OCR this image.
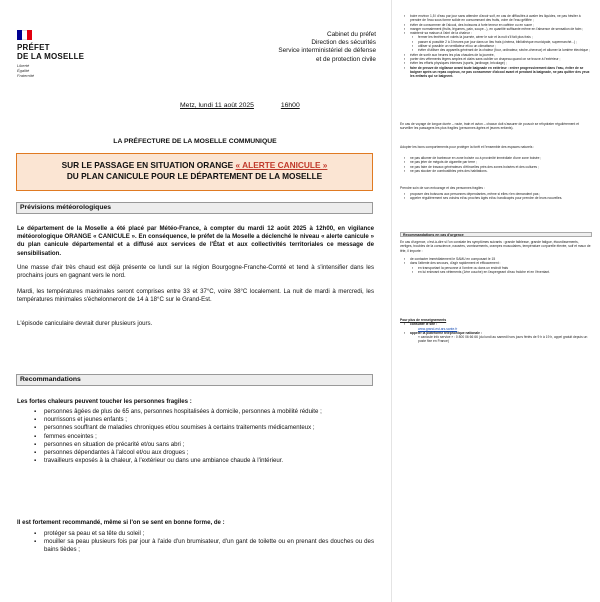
PRÉFET
DE LA MOSELLE
Liberté
Égalité
Fraternité
Cabinet du préfet
Direction des sécurités
Service interministériel de défense
et de protection civile
Metz, lundi 11 août 2025	16h00
LA PRÉFECTURE DE LA MOSELLE COMMUNIQUE
SUR LE PASSAGE EN SITUATION ORANGE « ALERTE CANICULE »
DU PLAN CANICULE POUR LE DÉPARTEMENT DE LA MOSELLE
Prévisions météorologiques
Le département de la Moselle a été placé par Météo-France, à compter du mardi 12 août 2025 à 12h00, en vigilance météorologique ORANGE « CANICULE ». En conséquence, le préfet de la Moselle a déclenché le niveau « alerte canicule » du plan canicule départemental et a diffusé aux services de l'État et aux collectivités territoriales ce message de sensibilisation.
Une masse d'air très chaud est déjà présente ce lundi sur la région Bourgogne-Franche-Comté et tend à s'intensifier dans les prochains jours en gagnant vers le nord.
Mardi, les températures maximales seront comprises entre 33 et 37°C, voire 38°C localement. La nuit de mardi à mercredi, les températures minimales s'échelonneront de 14 à 18°C sur le Grand-Est.
L'épisode caniculaire devrait durer plusieurs jours.
Recommandations
Les fortes chaleurs peuvent toucher les personnes fragiles :
▪ personnes âgées de plus de 65 ans, personnes hospitalisées à domicile, personnes à mobilité réduite ;
▪ nourrissons et jeunes enfants ;
▪ personnes souffrant de maladies chroniques et/ou soumises à certains traitements médicamenteux ;
▪ femmes enceintes ;
▪ personnes en situation de précarité et/ou sans abri ;
▪ personnes dépendantes à l'alcool et/ou aux drogues ;
▪ travailleurs exposés à la chaleur, à l'extérieur ou dans une ambiance chaude à l'intérieur.
Il est fortement recommandé, même si l'on se sent en bonne forme, de :
▪ protéger sa peau et sa tête du soleil ;
▪ mouiller sa peau plusieurs fois par jour à l'aide d'un brumisateur, d'un gant de toilette ou en prenant des douches ou des bains tièdes ;
▪ boire environ 1,5 l d'eau par jour sans attendre d'avoir soif, en cas de difficultés à avaler les liquides, ne pas hésiter à prendre de l'eau sous forme solide en consommant des fruits, voire de l'eau gélifiée ;
▪ éviter de consommer de l'alcool, des boissons à forte teneur en caféine ou en sucre ;
▪ manger normalement (fruits, légumes, pain, soupe...), en quantité suffisante même en l'absence de sensation de faim ;
▪ maintenir sa maison à l'abri de la chaleur :
▪ fermer les fenêtres et volets la journée, aérer le soir et la nuit s'il fait plus frais ;
▪ passer si possible 2 à 3 heures par jour dans un lieu frais (cinéma, bibliothèque municipale, supermarché...) ;
▪ utiliser si possible un ventilateur et/ou un climatiseur ;
▪ éviter d'utiliser des appareils générant de la chaleur (four, ordinateur, sèche-cheveux) et allumer la lumière électrique ;
▪ éviter de sortir aux heures les plus chaudes de la journée,
▪ porter des vêtements légers amples et clairs sans oublier un chapeau quand on se trouve à l'extérieur ;
▪ éviter les efforts physiques intenses (sports, jardinage, bricolage) ;
▪ faire de preuve de vigilance avant toute baignade en extérieur : entrer progressivement dans l'eau, éviter de se baigner après un repas copieux, ne pas consommer d'alcool avant et pendant la baignade, ne pas quitter des yeux les enfants qui se baignent.
En cas de voyage de longue durée – route, train et avion – chacun doit s'assurer de pouvoir se réhydrater régulièrement et surveiller les passagers les plus fragiles (personnes âgées et jeunes enfants).
Adopter les bons comportements pour protéger la forêt et l'ensemble des espaces naturels :
▪ ne pas allumer de barbecue en zone boisée ou à proximité immédiate d'une zone boisée ;
▪ ne pas jeter de mégots de cigarette par terre ;
▪ ne pas faire de travaux générateurs d'étincelles près des zones boisées et des cultures ;
▪ ne pas stocker de combustibles près des habitations.
Prendre soin de son entourage et des personnes fragiles :
▪ proposer des boissons aux personnes dépendantes, même si elles n'en demandent pas ;
▪ appeler régulièrement ses voisins et/ou proches âgés et/ou handicapés pour prendre de leurs nouvelles.
Recommandations en cas d'urgence
En cas d'urgence, c'est-à-dire si l'on constate les symptômes suivants : grande faiblesse, grande fatigue, étourdissements, vertiges, troubles de la conscience, nausées, vomissements, crampes musculaires, température corporelle élevée, soif et maux de tête, il importe :
▪ de contacter immédiatement le SAMU en composant le 15
▪ dans l'attente des secours, d'agir rapidement et efficacement :
▪ en transportant la personne à l'ombre ou dans un endroit frais
▪ en lui enlevant ses vêtements (1ère couche) en l'aspergeant d'eau fraîche et en l'éventant.
Pour plus de renseignements
▪ consulter le site :
www.grand-est.ars.sante.fr
▪ appeler la plateforme téléphonique nationale :
« canicule info service » : 0 800 06 66 66 (du lundi au samedi hors jours fériés de 9 h à 19 h, appel gratuit depuis un poste fixe en France)
